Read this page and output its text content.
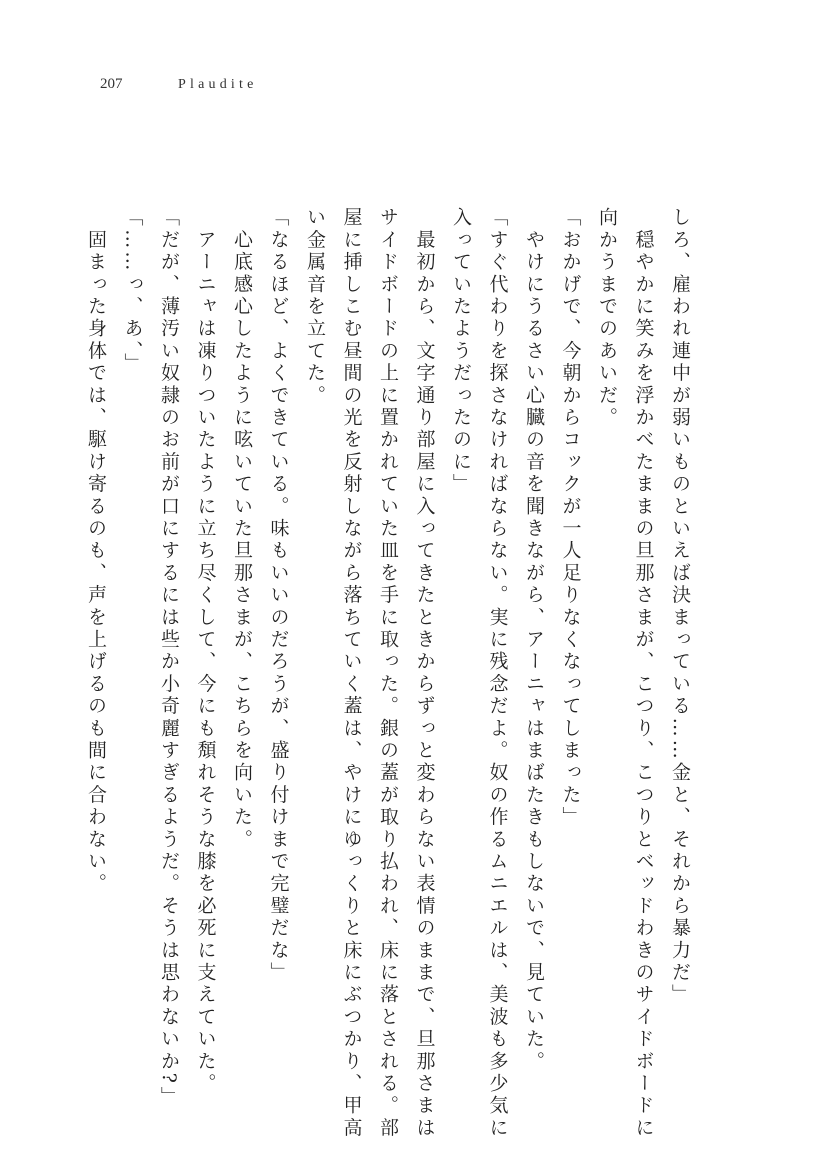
207	Plaudite

しろ、雇われ連中が弱いものといえば決まっている……金と、それから暴力だ」

　穏やかに笑みを浮かべたままの旦那さまが、こつり、こつりとベッドわきのサイドボードに

向かうまでのあいだ。

「おかげで、今朝からコックが一人足りなくなってしまった」

　やけにうるさい心臓の音を聞きながら、アーニャはまばたきもしないで、見ていた。

「すぐ代わりを探さなければならない。実に残念だよ。奴の作るムニエルは、美波も多少気に

入っていたようだったのに」

　最初から、文字通り部屋に入ってきたときからずっと変わらない表情のままで、旦那さまは

サイドボードの上に置かれていた皿を手に取った。銀の蓋が取り払われ、床に落とされる。部

屋に挿しこむ昼間の光を反射しながら落ちていく蓋は、やけにゆっくりと床にぶつかり、甲高

い金属音を立てた。

「なるほど、よくできている。味もいいのだろうが、盛り付けまで完璧だな」

　心底感心したように呟いていた旦那さまが、こちらを向いた。

　アーニャは凍りついたように立ち尽くして、今にも頽れそうな膝を必死に支えていた。

「だが、薄汚い奴隷のお前が口にするには些か小奇麗すぎるようだ。そうは思わないか?」

「……っ、あ、」

　固まった身体では、駆け寄るのも、声を上げるのも間に合わない。
